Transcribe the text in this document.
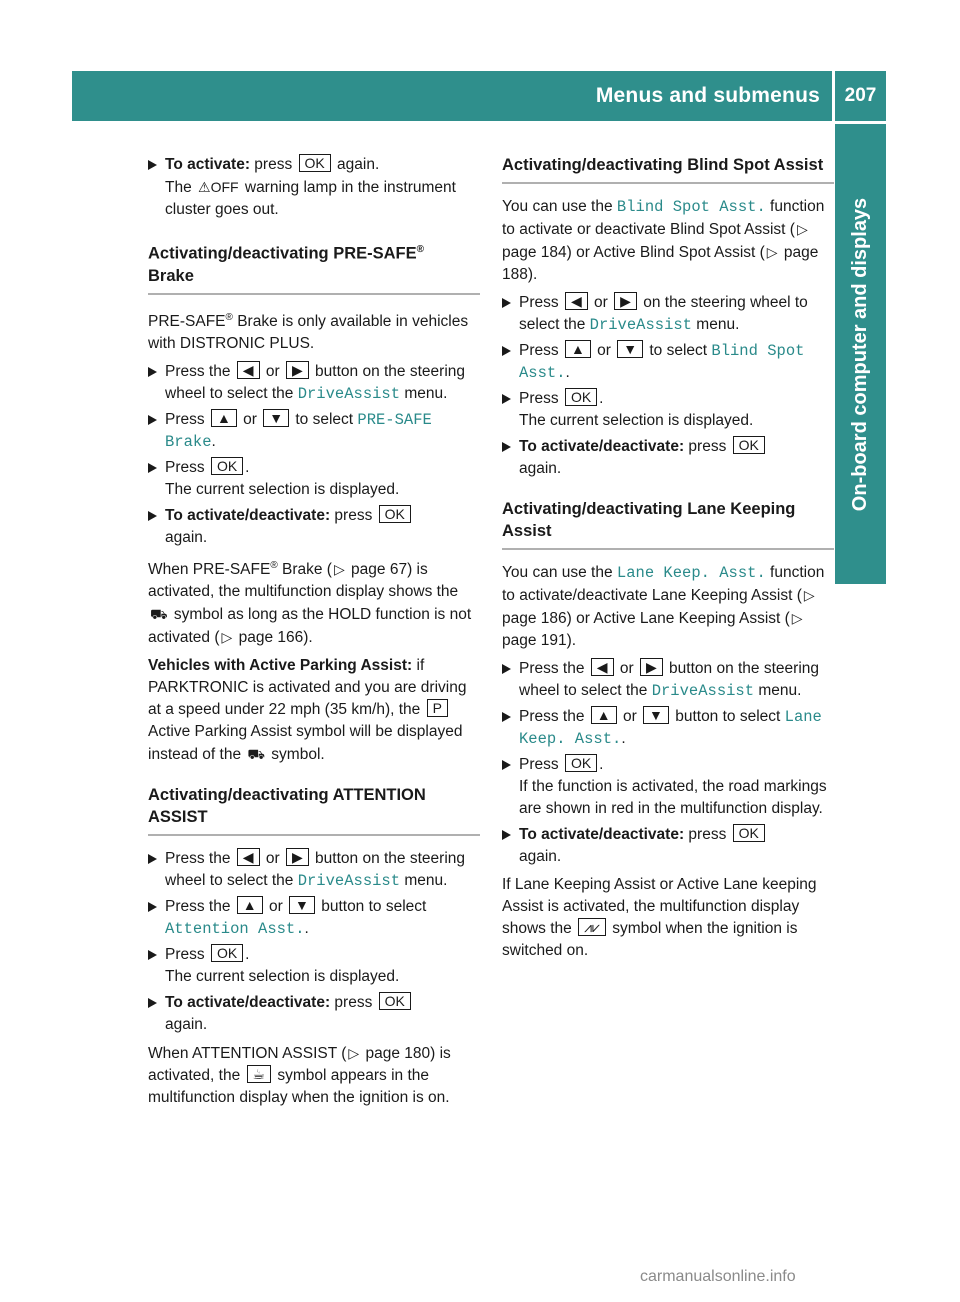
Menus and submenus	207
On-board computer and displays
To activate: press OK again.
The ⚠OFF warning lamp in the instrument cluster goes out.
Activating/deactivating PRE-SAFE®
Brake
PRE-SAFE® Brake is only available in vehicles with DISTRONIC PLUS.
Press the ◀ or ▶ button on the steering wheel to select the DriveAssist menu.
Press ▲ or ▼ to select PRE-SAFE Brake.
Press OK .
The current selection is displayed.
To activate/deactivate: press OK
again.
When PRE-SAFE® Brake ( ▷ page 67) is activated, the multifunction display shows the ⛟ symbol as long as the HOLD function is not activated ( ▷ page 166).
Vehicles with Active Parking Assist: if PARKTRONIC is activated and you are driving at a speed under 22 mph (35 km/h), the P Active Parking Assist symbol will be displayed instead of the ⛟ symbol.
Activating/deactivating ATTENTION ASSIST
Press the ◀ or ▶ button on the steering wheel to select the DriveAssist menu.
Press the ▲ or ▼ button to select Attention Asst..
Press OK .
The current selection is displayed.
To activate/deactivate: press OK
again.
When ATTENTION ASSIST ( ▷ page 180) is activated, the ☕ symbol appears in the multifunction display when the ignition is on.
Activating/deactivating Blind Spot Assist
You can use the Blind Spot Asst. function to activate or deactivate Blind Spot Assist ( ▷ page 184) or Active Blind Spot Assist ( ▷ page 188).
Press ◀ or ▶ on the steering wheel to select the DriveAssist menu.
Press ▲ or ▼ to select Blind Spot Asst..
Press OK .
The current selection is displayed.
To activate/deactivate: press OK
again.
Activating/deactivating Lane Keeping Assist
You can use the Lane Keep. Asst. function to activate/deactivate Lane Keeping Assist ( ▷ page 186) or Active Lane Keeping Assist ( ▷ page 191).
Press the ◀ or ▶ button on the steering wheel to select the DriveAssist menu.
Press the ▲ or ▼ button to select Lane Keep. Asst..
Press OK .
If the function is activated, the road markings are shown in red in the multifunction display.
To activate/deactivate: press OK
again.
If Lane Keeping Assist or Active Lane keeping Assist is activated, the multifunction display shows the ⩘⩗ symbol when the ignition is switched on.
carmanualsonline.info
